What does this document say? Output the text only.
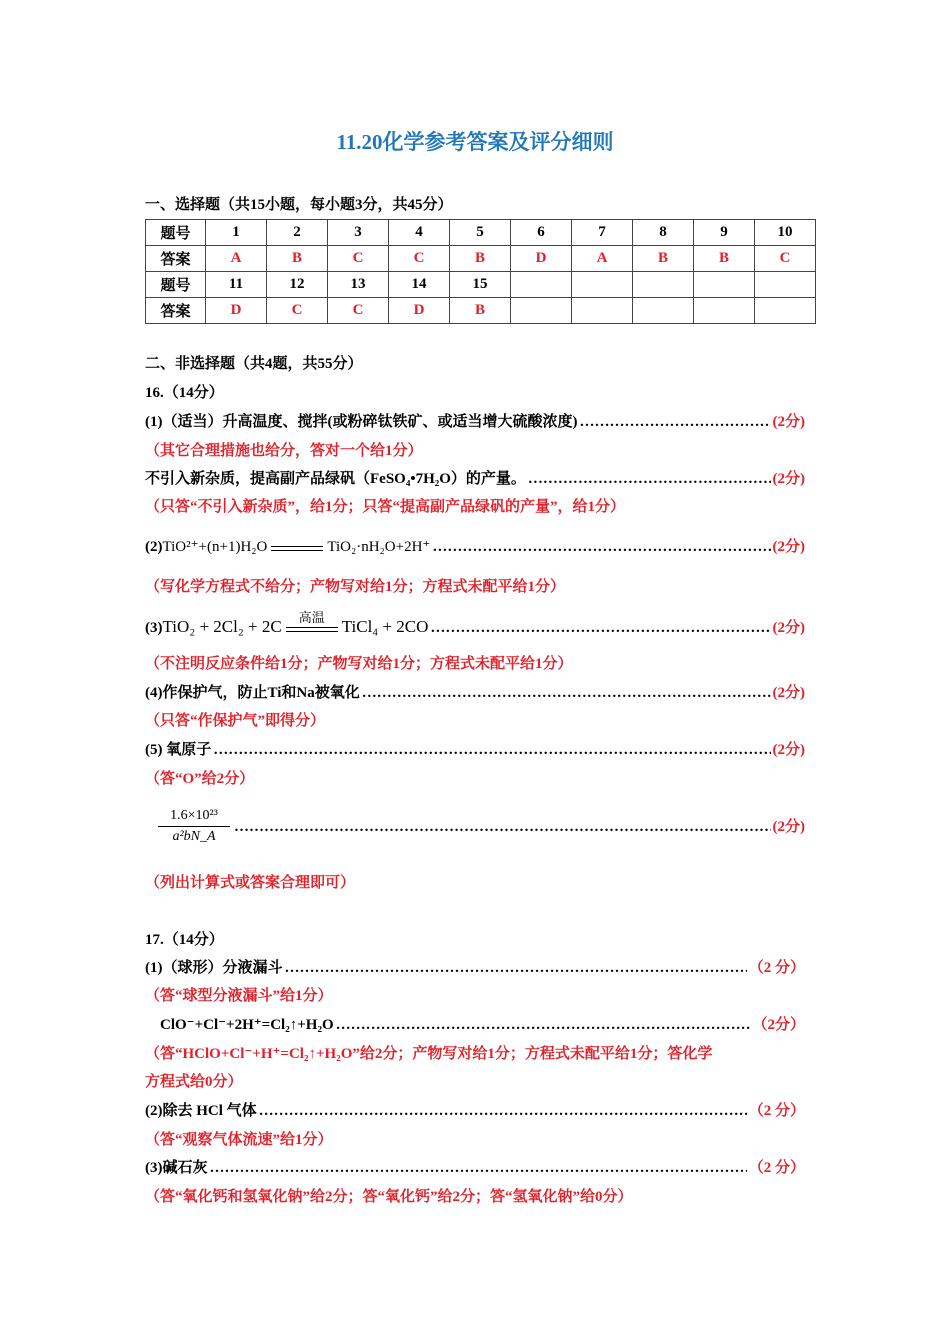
11.20化学参考答案及评分细则
一、选择题（共15小题，每小题3分，共45分）
题号	1	2	3	4	5	6	7	8	9	10
答案	A	B	C	C	B	D	A	B	B	C
题号	11	12	13	14	15					
答案	D	C	C	D	B					
二、非选择题（共4题，共55分）
16.（14分）
(1)（适当）升高温度、搅拌(或粉碎钛铁矿、或适当增大硫酸浓度) ………………………………………………………………………………………………………………………………………………………………………………………………………………………………	(2分)
（其它合理措施也给分，答对一个给1分）
不引入新杂质，提高副产品绿矾（FeSO₄•7H₂O）的产量。 ………………………………………………………………………………………………………………………………………………………………………………………………………………………………	(2分)
（只答“不引入新杂质”，给1分；只答“提高副产品绿矾的产量”，给1分）
(2) TiO²⁺+(n+1)H₂O	TiO₂·nH₂O+2H⁺ ………………………………………………………………………………………………………………………………………………………………………………………………………………………………	(2分)
（写化学方程式不给分；产物写对给1分；方程式未配平给1分）
(3) TiO₂ + 2Cl₂ + 2C	高温	TiCl₄ + 2CO ………………………………………………………………………………………………………………………………………………………………………………………………………………………………	(2分)
（不注明反应条件给1分；产物写对给1分；方程式未配平给1分）
(4)作保护气，防止Ti和Na被氧化 ………………………………………………………………………………………………………………………………………………………………………………………………………………………………	(2分)
（只答“作保护气”即得分）
(5) 氧原子 ………………………………………………………………………………………………………………………………………………………………………………………………………………………………	(2分)
（答“O”给2分）
$\frac{\text{1.6×10²³}}{\text{a²bN\_A}}$ ………………………………………………………………………………………………………………………………………………………………………………………………………………………………	(2分)
（列出计算式或答案合理即可）
17.（14分）
(1)（球形）分液漏斗 ………………………………………………………………………………………………………………………………………………………………………………………………………………………………	（2 分）
（答“球型分液漏斗”给1分）
ClO⁻+Cl⁻+2H⁺=Cl₂↑+H₂O ………………………………………………………………………………………………………………………………………………………………………………………………………………………………	（2分）
（答“HClO+Cl⁻+H⁺=Cl₂↑+H₂O”给2分；产物写对给1分；方程式未配平给1分；答化学
方程式给0分）
(2)除去 HCl 气体 ………………………………………………………………………………………………………………………………………………………………………………………………………………………………	（2 分）
（答“观察气体流速”给1分）
(3)碱石灰 ………………………………………………………………………………………………………………………………………………………………………………………………………………………………	（2 分）
（答“氧化钙和氢氧化钠”给2分；答“氧化钙”给2分；答“氢氧化钠”给0分）
